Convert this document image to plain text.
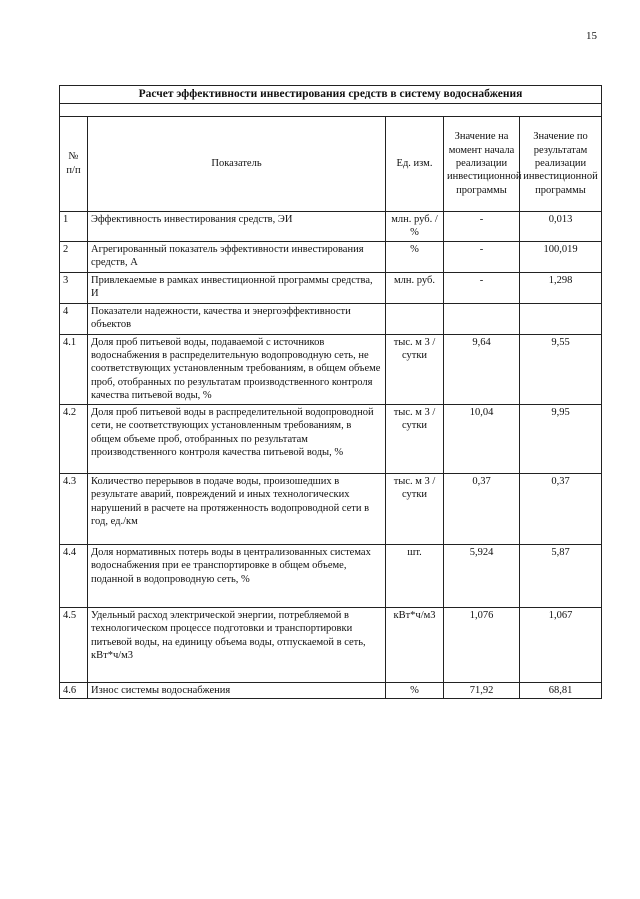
15
Расчет эффективности инвестирования средств в систему водоснабжения				

№ п/п	Показатель	Ед. изм.	Значение на момент начала реализации инвестиционной программы	Значение по результатам реализации инвестиционной программы
1	Эффективность инвестирования средств, ЭИ	млн. руб. / %	-	0,013
2	Агрегированный показатель эффективности инвестирования средств, А	%	-	100,019
3	Привлекаемые в рамках инвестиционной программы средства, И	млн. руб.	-	1,298
4	Показатели надежности, качества и энергоэффективности объектов			
4.1	Доля проб питьевой воды, подаваемой с источников водоснабжения в распределительную водопроводную сеть, не соответствующих установленным требованиям, в общем объеме проб, отобранных по результатам производственного контроля качества питьевой воды, %	тыс. м 3 /сутки	9,64	9,55
4.2	Доля проб питьевой воды в распределительной водопроводной сети, не соответствующих установленным требованиям, в общем объеме проб, отобранных по результатам производственного контроля качества питьевой воды, %	тыс. м 3 /сутки	10,04	9,95
4.3	Количество перерывов в подаче воды, произошедших в результате аварий, повреждений и иных технологических нарушений в расчете на протяженность водопроводной сети в год, ед./км	тыс. м 3 /сутки	0,37	0,37
4.4	Доля нормативных потерь воды в централизованных системах водоснабжения при ее транспортировке в общем объеме, поданной в водопроводную сеть, %	шт.	5,924	5,87
4.5	Удельный расход электрической энергии, потребляемой в технологическом процессе подготовки и транспортировки питьевой воды, на единицу объема воды, отпускаемой в сеть, кВт*ч/м3	кВт*ч/м3	1,076	1,067
4.6	Износ системы водоснабжения	%	71,92	68,81
